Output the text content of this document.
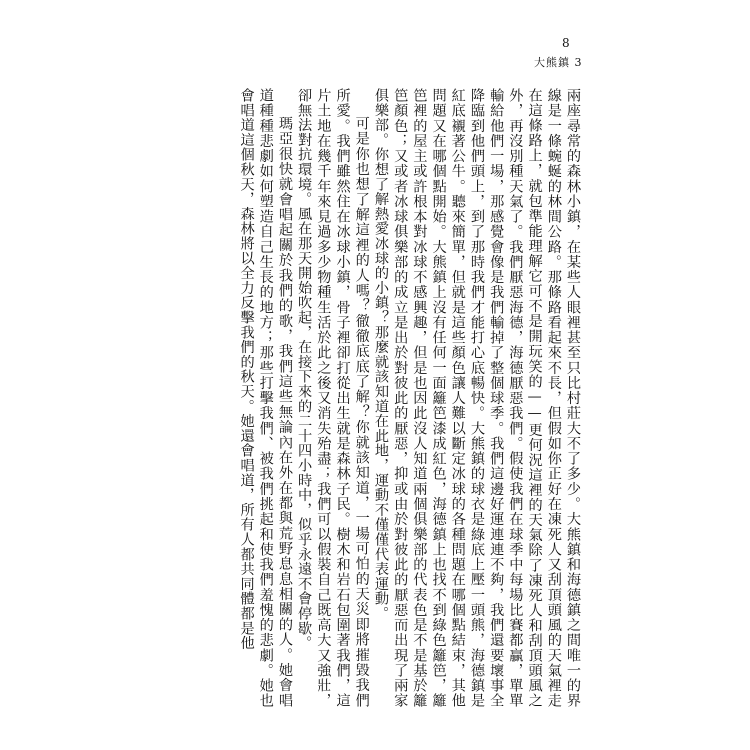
8
大熊鎮 3

兩座尋常的森林小鎮，在某些人眼裡甚至只比村莊大不了多少。大熊鎮和海德鎮之間唯一的界線是一條蜿蜒的林間公路。那條路看起來不長，但假如你正好在凍死人又刮頂頭風的天氣裡走在這條路上，就包準能理解它可不是開玩笑的——更何況這裡的天氣除了凍死人和刮頂頭風之外，再沒別種天氣了。我們厭惡海德，海德厭惡我們。假使我們在球季中每場比賽都贏，單單輸給他們一場，那感覺會像是我們輸掉了整個球季。我們這邊好運連連不夠，我們還要壞事全降臨到他們頭上，到了那時我們才能打心底暢快。大熊鎮的球衣是綠底上壓一頭熊，海德鎮是紅底襯著公牛。聽來簡單，但就是這些顏色讓人難以斷定冰球的各種問題在哪個點結束，其他問題又在哪個點開始。大熊鎮上沒有任何一面籬笆漆成紅色，海德鎮上也找不到綠色籬笆，籬笆裡的屋主或許根本對冰球不感興趣，但是也因此沒人知道兩個俱樂部的代表色是不是基於籬笆顏色；又或者冰球俱樂部的成立是出於對彼此的厭惡，抑或由於對彼此的厭惡而出現了兩家俱樂部。你想了解熱愛冰球的小鎮？那麼就該知道在此地，運動不僅僅代表運動。

可是你也想了解這裡的人嗎？徹徹底底了解？你就該知道，一場可怕的天災即將摧毀我們所愛。我們雖然住在冰球小鎮，骨子裡卻打從出生就是森林子民。樹木和岩石包圍著我們，這片土地在幾千年來見過多少物種生活於此之後又消失殆盡；我們可以假裝自己既高大又強壯，卻無法對抗環境。風在那天開始吹起，在接下來的二十四小時中，似乎永遠不會停歇。

瑪亞很快就會唱起關於我們的歌，我們這些無論內在外在都與荒野息息相關的人。她會唱道種種悲劇如何塑造自己生長的地方；那些打擊我們、被我們挑起和使我們羞愧的悲劇。她也會唱道這個秋天，森林將以全力反擊我們的秋天。她還會唱道，所有人都共同體都是他
